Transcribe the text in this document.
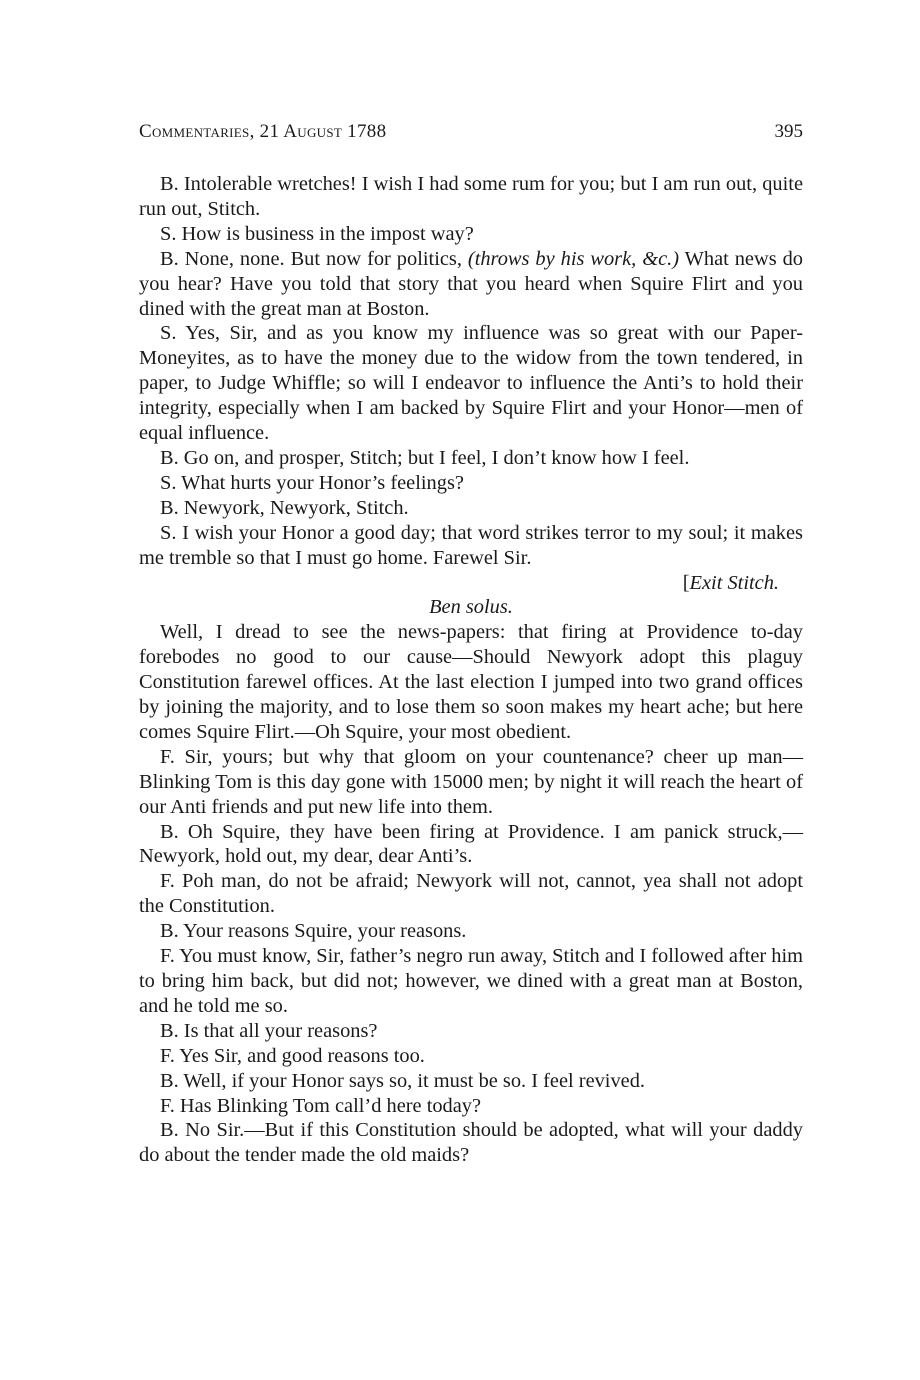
Commentaries, 21 August 1788	395

B. Intolerable wretches! I wish I had some rum for you; but I am run out, quite run out, Stitch.

S. How is business in the impost way?

B. None, none. But now for politics, (throws by his work, &c.) What news do you hear? Have you told that story that you heard when Squire Flirt and you dined with the great man at Boston.

S. Yes, Sir, and as you know my influence was so great with our Paper-Moneyites, as to have the money due to the widow from the town tendered, in paper, to Judge Whiffle; so will I endeavor to influence the Anti’s to hold their integrity, especially when I am backed by Squire Flirt and your Honor—men of equal influence.

B. Go on, and prosper, Stitch; but I feel, I don’t know how I feel.

S. What hurts your Honor’s feelings?

B. Newyork, Newyork, Stitch.

S. I wish your Honor a good day; that word strikes terror to my soul; it makes me tremble so that I must go home. Farewel Sir.

[Exit Stitch.

Ben solus.

Well, I dread to see the news-papers: that firing at Providence to-day forebodes no good to our cause—Should Newyork adopt this plaguy Constitution farewel offices. At the last election I jumped into two grand offices by joining the majority, and to lose them so soon makes my heart ache; but here comes Squire Flirt.—Oh Squire, your most obedient.

F. Sir, yours; but why that gloom on your countenance? cheer up man—Blinking Tom is this day gone with 15000 men; by night it will reach the heart of our Anti friends and put new life into them.

B. Oh Squire, they have been firing at Providence. I am panick struck,—Newyork, hold out, my dear, dear Anti’s.

F. Poh man, do not be afraid; Newyork will not, cannot, yea shall not adopt the Constitution.

B. Your reasons Squire, your reasons.

F. You must know, Sir, father’s negro run away, Stitch and I followed after him to bring him back, but did not; however, we dined with a great man at Boston, and he told me so.

B. Is that all your reasons?

F. Yes Sir, and good reasons too.

B. Well, if your Honor says so, it must be so. I feel revived.

F. Has Blinking Tom call’d here today?

B. No Sir.—But if this Constitution should be adopted, what will your daddy do about the tender made the old maids?
